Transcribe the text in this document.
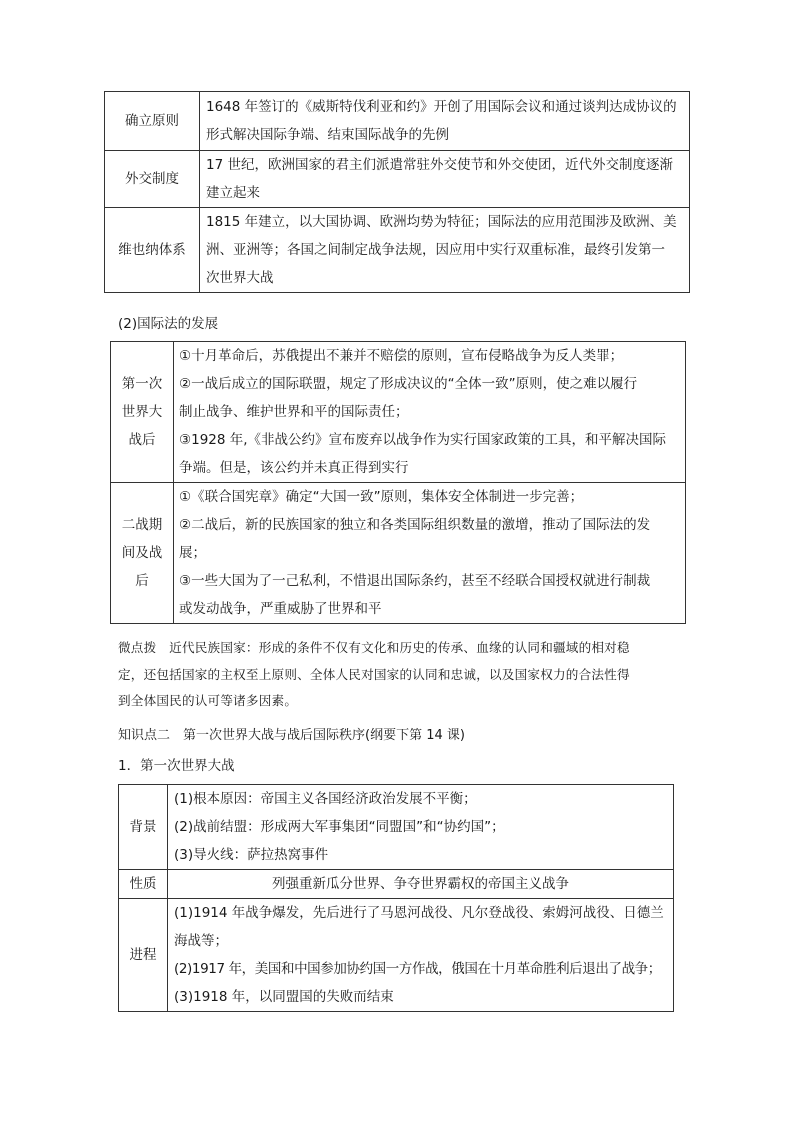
确立原则	1648 年签订的《威斯特伐利亚和约》开创了用国际会议和通过谈判达成协议的
形式解决国际争端、结束国际战争的先例

外交制度	17 世纪，欧洲国家的君主们派遣常驻外交使节和外交使团，近代外交制度逐渐
建立起来

维也纳体系	1815 年建立，以大国协调、欧洲均势为特征；国际法的应用范围涉及欧洲、美
洲、亚洲等；各国之间制定战争法规，因应用中实行双重标准，最终引发第一
次世界大战
(2)国际法的发展
第一次
世界大
战后	①十月革命后，苏俄提出不兼并不赔偿的原则，宣布侵略战争为反人类罪；
②一战后成立的国际联盟，规定了形成决议的“全体一致”原则，使之难以履行
制止战争、维护世界和平的国际责任；
③1928 年,《非战公约》宣布废弃以战争作为实行国家政策的工具，和平解决国际
争端。但是，该公约并未真正得到实行

二战期
间及战
后	①《联合国宪章》确定“大国一致”原则，集体安全体制进一步完善；
②二战后，新的民族国家的独立和各类国际组织数量的激增，推动了国际法的发
展；
③一些大国为了一己私利，不惜退出国际条约，甚至不经联合国授权就进行制裁
或发动战争，严重威胁了世界和平
微点拨　近代民族国家：形成的条件不仅有文化和历史的传承、血缘的认同和疆域的相对稳
定，还包括国家的主权至上原则、全体人民对国家的认同和忠诚，以及国家权力的合法性得
到全体国民的认可等诸多因素。
知识点二　第一次世界大战与战后国际秩序(纲要下第 14 课)
1．第一次世界大战
背景	(1)根本原因：帝国主义各国经济政治发展不平衡；
(2)战前结盟：形成两大军事集团“同盟国”和“协约国”；
(3)导火线：萨拉热窝事件

性质	列强重新瓜分世界、争夺世界霸权的帝国主义战争

进程	(1)1914 年战争爆发，先后进行了马恩河战役、凡尔登战役、索姆河战役、日德兰
海战等；
(2)1917 年，美国和中国参加协约国一方作战，俄国在十月革命胜利后退出了战争；
(3)1918 年，以同盟国的失败而结束
